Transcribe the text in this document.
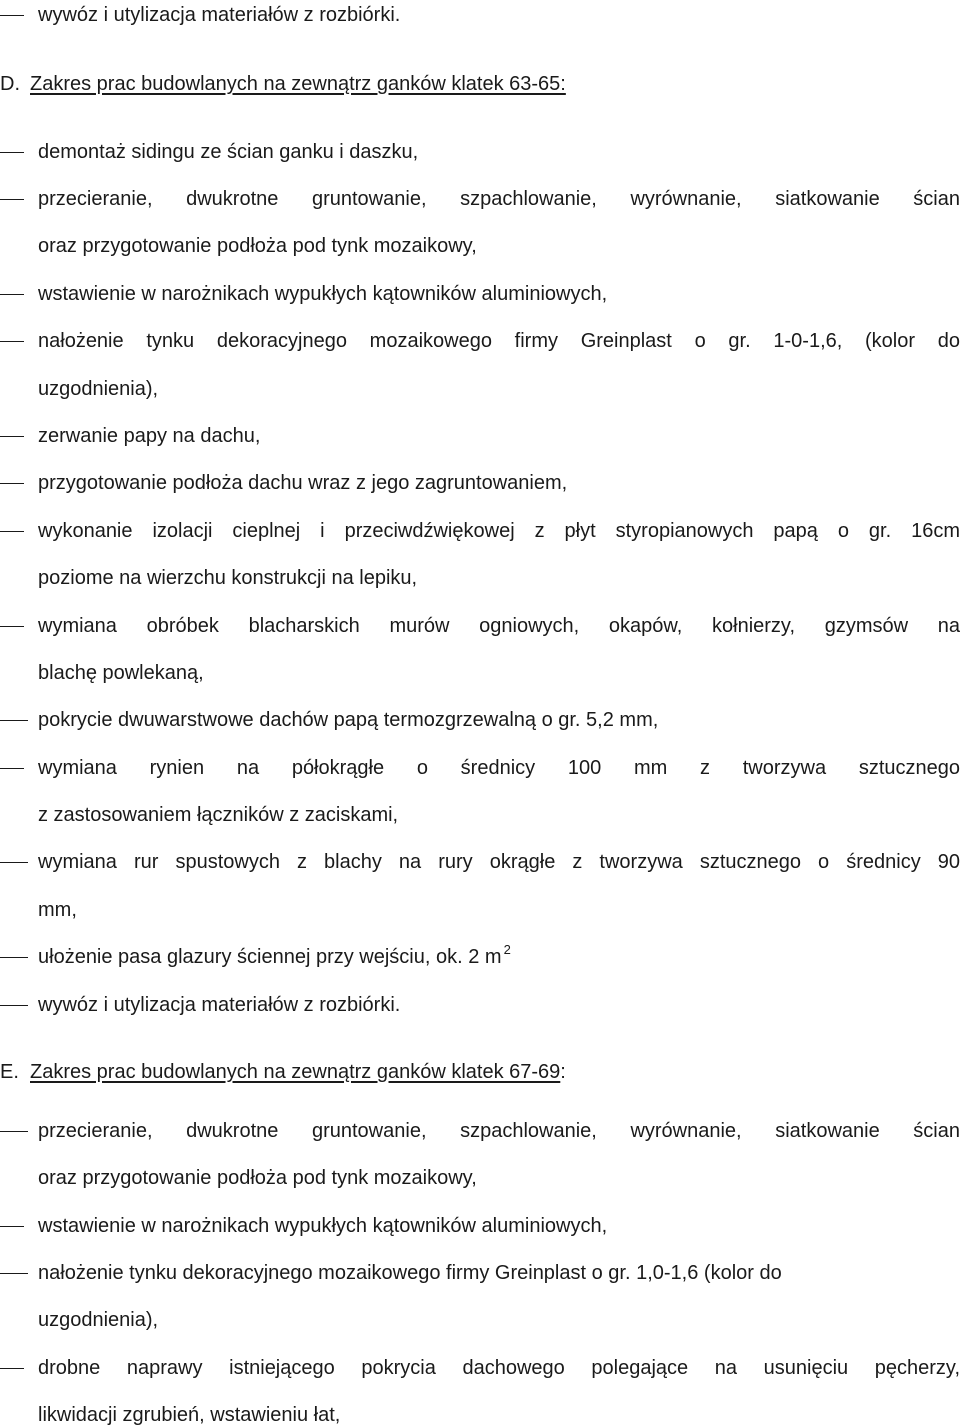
wywóz i utylizacja materiałów z rozbiórki.
D. Zakres prac budowlanych na zewnątrz ganków klatek 63-65:
demontaż sidingu ze ścian ganku i daszku,
przecieranie, dwukrotne gruntowanie, szpachlowanie, wyrównanie, siatkowanie ścian
oraz przygotowanie podłoża pod tynk mozaikowy,
wstawienie w narożnikach wypukłych kątowników aluminiowych,
nałożenie tynku dekoracyjnego mozaikowego firmy Greinplast o gr. 1-0-1,6, (kolor do
uzgodnienia),
zerwanie papy na dachu,
przygotowanie podłoża dachu wraz z jego zagruntowaniem,
wykonanie izolacji cieplnej i przeciwdźwiękowej z płyt styropianowych papą o gr. 16cm
poziome na wierzchu konstrukcji na lepiku,
wymiana obróbek blacharskich murów ogniowych, okapów, kołnierzy, gzymsów na
blachę powlekaną,
pokrycie dwuwarstwowe dachów papą termozgrzewalną o gr. 5,2 mm,
wymiana rynien na półokrągłe o średnicy 100 mm z tworzywa sztucznego
z zastosowaniem łączników z zaciskami,
wymiana rur spustowych z blachy na rury okrągłe z tworzywa sztucznego o średnicy 90
mm,
ułożenie pasa glazury ściennej przy wejściu, ok. 2 m $^2$
wywóz i utylizacja materiałów z rozbiórki.
E. Zakres prac budowlanych na zewnątrz ganków klatek 67-69:
przecieranie, dwukrotne gruntowanie, szpachlowanie, wyrównanie, siatkowanie ścian
oraz przygotowanie podłoża pod tynk mozaikowy,
wstawienie w narożnikach wypukłych kątowników aluminiowych,
nałożenie tynku dekoracyjnego mozaikowego firmy Greinplast o gr. 1,0-1,6 (kolor do
uzgodnienia),
drobne naprawy istniejącego pokrycia dachowego polegające na usunięciu pęcherzy,
likwidacji zgrubień, wstawieniu łat,
